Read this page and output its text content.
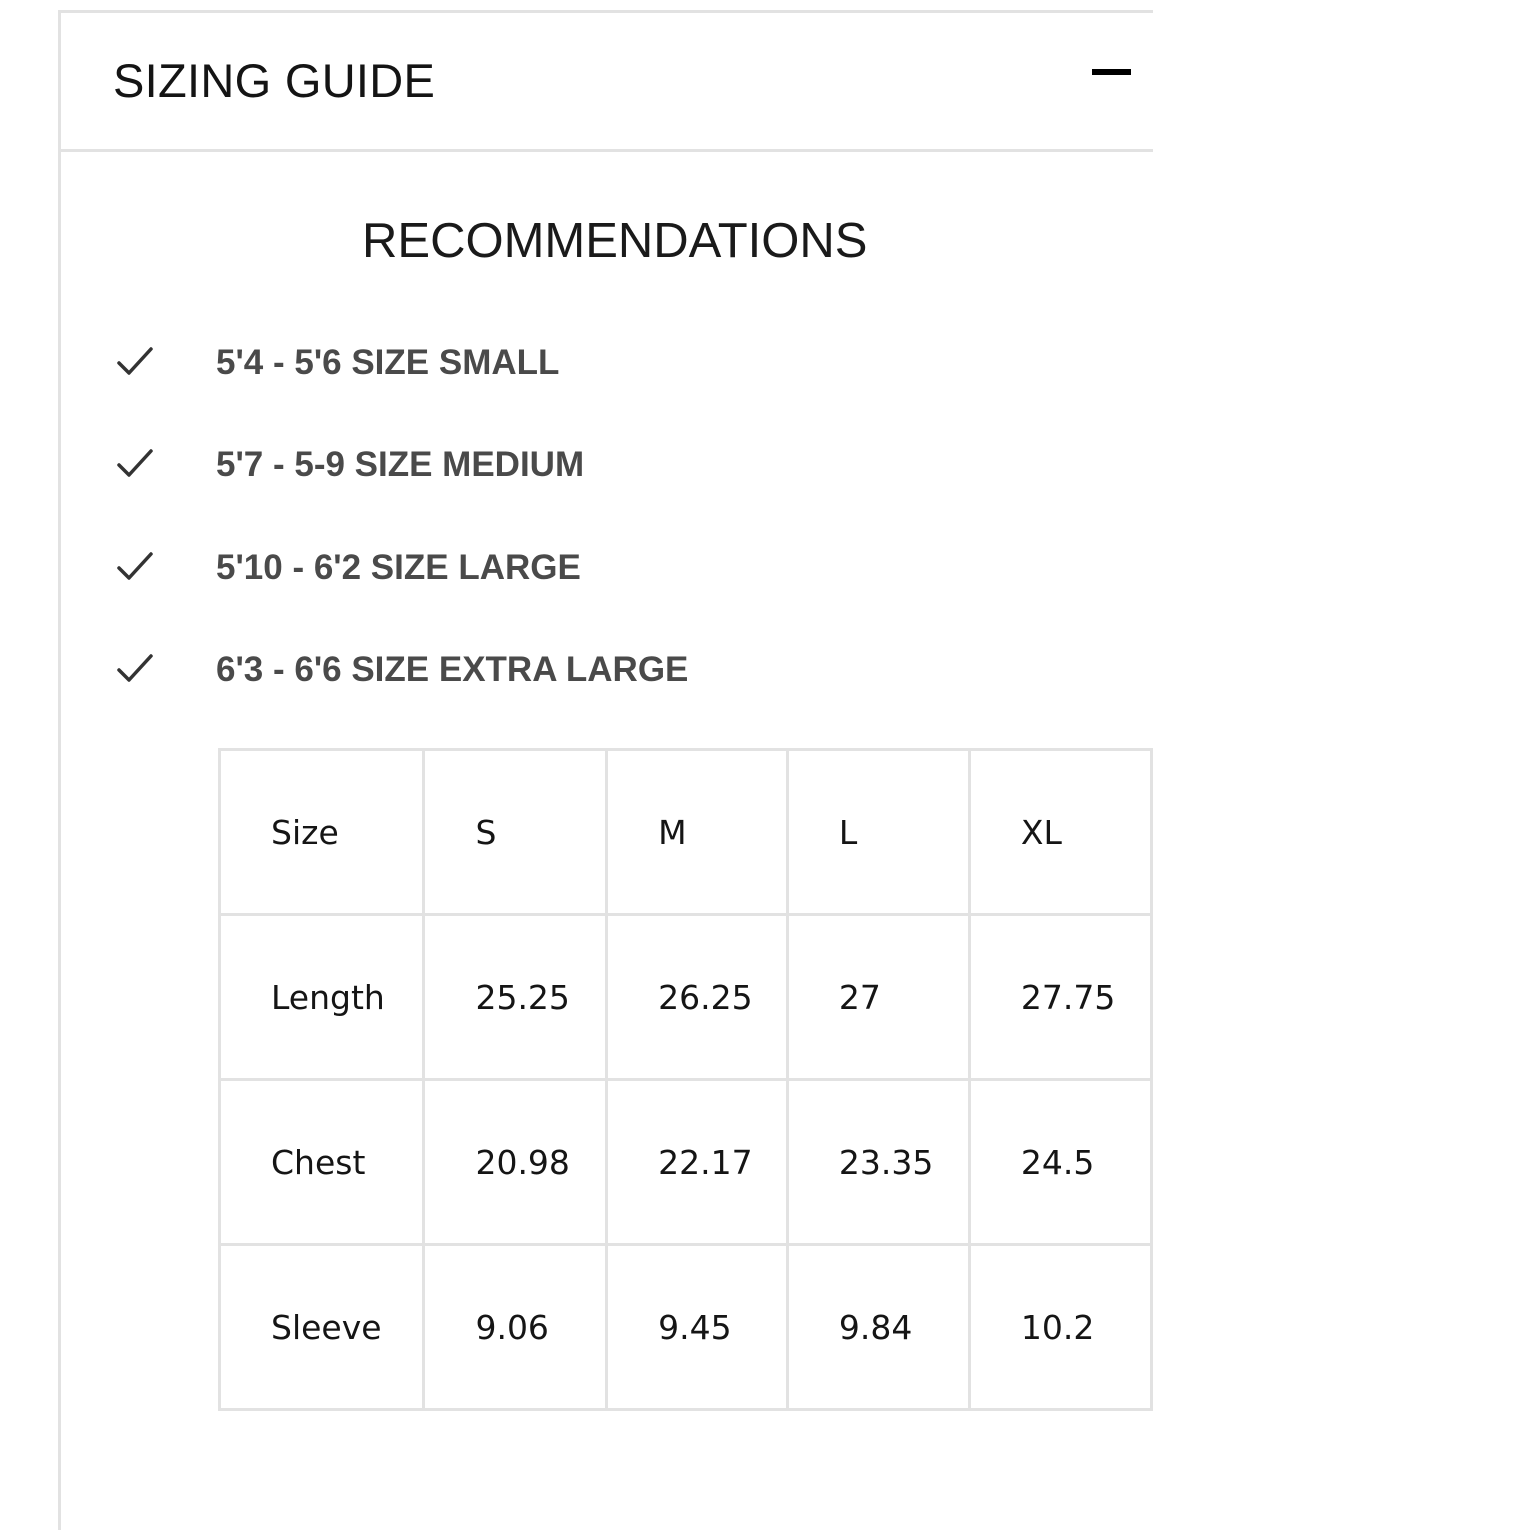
SIZING GUIDE
RECOMMENDATIONS
5'4 - 5'6 SIZE SMALL
5'7 - 5-9 SIZE MEDIUM
5'10 - 6'2 SIZE LARGE
6'3 - 6'6 SIZE EXTRA LARGE
Size	S	M	L	XL
Length	25.25	26.25	27	27.75
Chest	20.98	22.17	23.35	24.5
Sleeve	9.06	9.45	9.84	10.2
